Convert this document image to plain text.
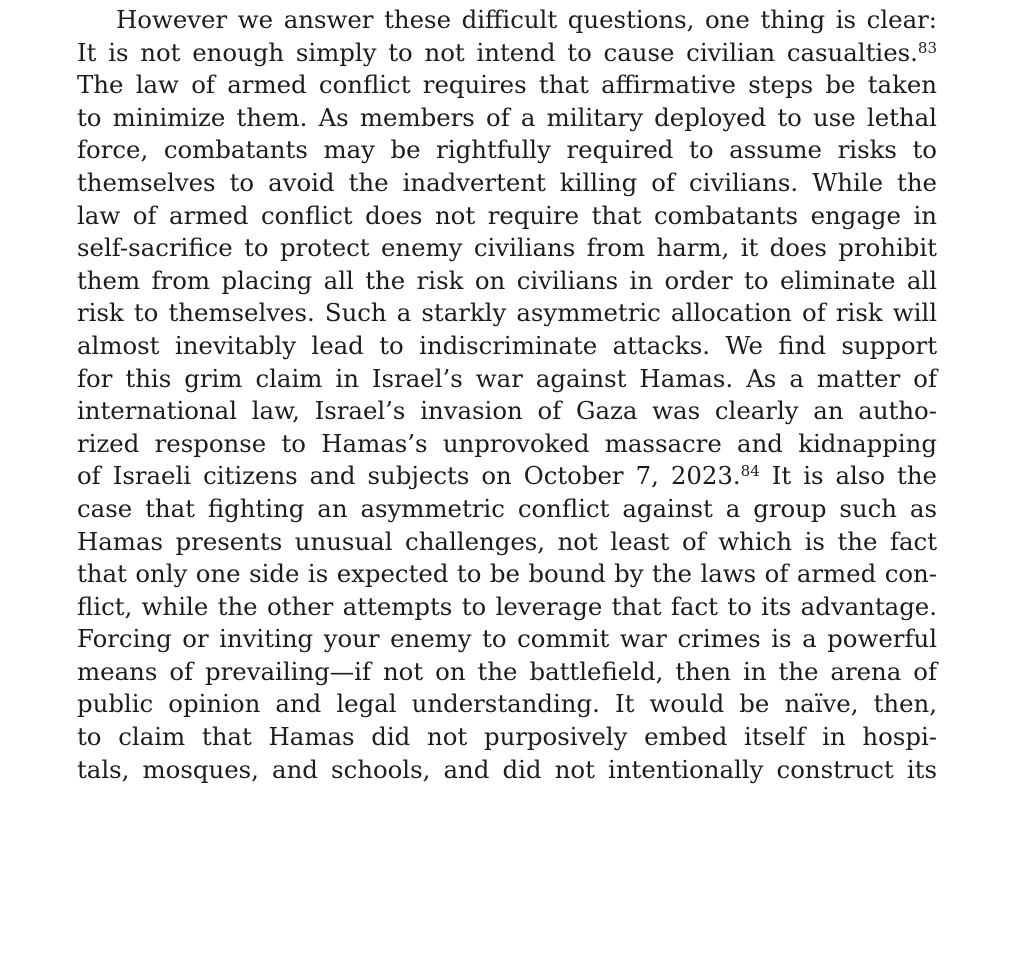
However we answer these difficult questions, one thing is clear:
It is not enough simply to not intend to cause civilian casualties.$^{83}$
The law of armed conflict requires that affirmative steps be taken
to minimize them. As members of a military deployed to use lethal
force, combatants may be rightfully required to assume risks to
themselves to avoid the inadvertent killing of civilians. While the
law of armed conflict does not require that combatants engage in
self-sacrifice to protect enemy civilians from harm, it does prohibit
them from placing all the risk on civilians in order to eliminate all
risk to themselves. Such a starkly asymmetric allocation of risk will
almost inevitably lead to indiscriminate attacks. We find support
for this grim claim in Israel’s war against Hamas. As a matter of
international law, Israel’s invasion of Gaza was clearly an autho-
rized response to Hamas’s unprovoked massacre and kidnapping
of Israeli citizens and subjects on October 7, 2023.84 It is also the
case that fighting an asymmetric conflict against a group such as
Hamas presents unusual challenges, not least of which is the fact
that only one side is expected to be bound by the laws of armed con-
flict, while the other attempts to leverage that fact to its advantage.
Forcing or inviting your enemy to commit war crimes is a powerful
means of prevailing—if not on the battlefield, then in the arena of
public opinion and legal understanding. It would be naïve, then,
to claim that Hamas did not purposively embed itself in hospi-
tals, mosques, and schools, and did not intentionally construct its
